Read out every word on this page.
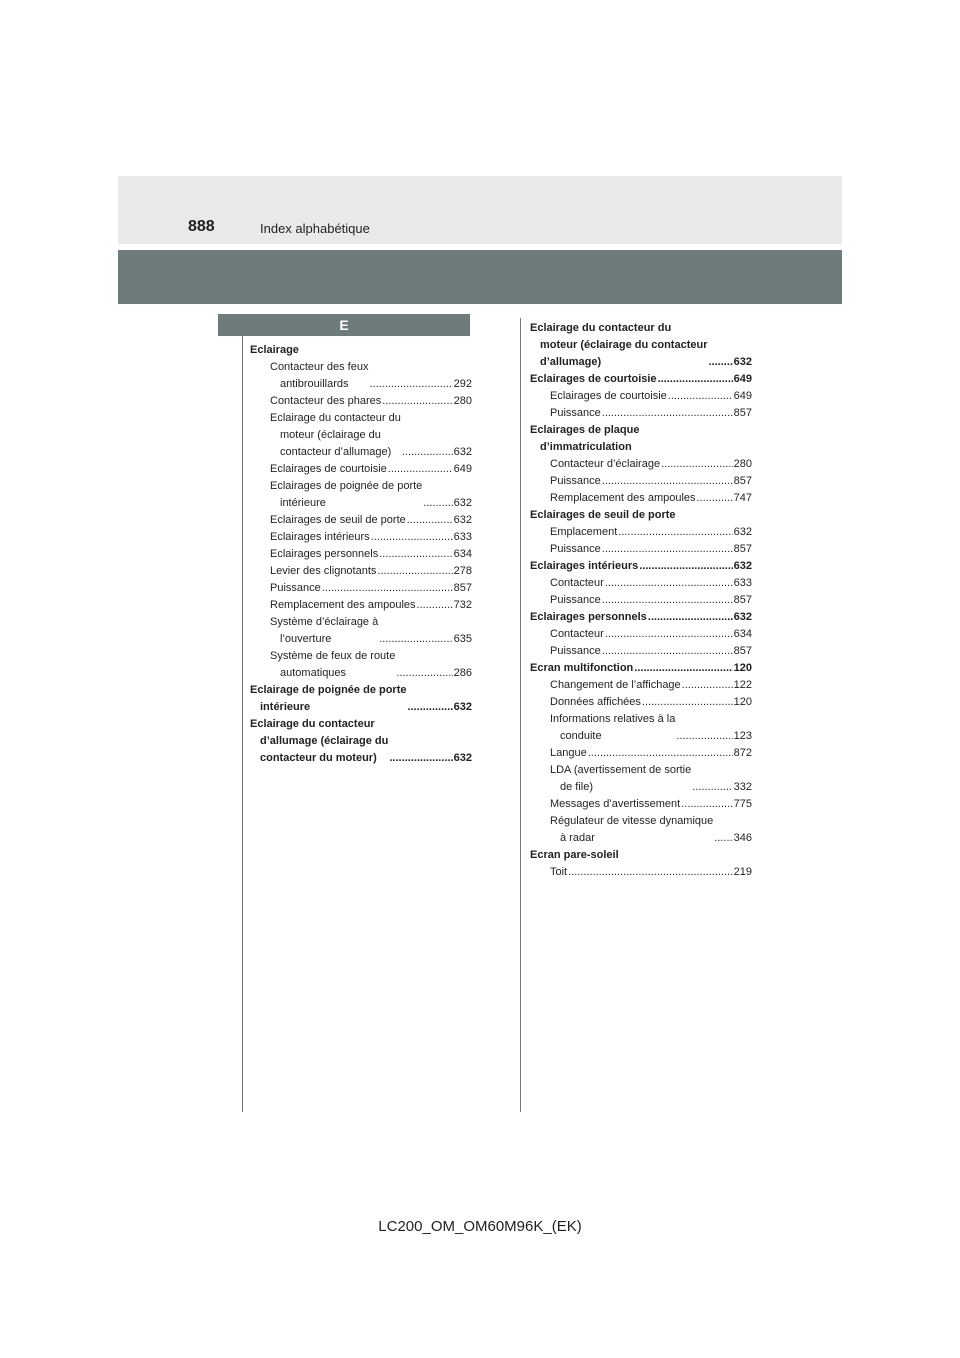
888	Index alphabétique
E
Eclairage
Contacteur des feux
antibrouillards .....	292
Contacteur des phares .....	280
Eclairage du contacteur du
moteur (éclairage du
contacteur d’allumage) .....	632
Eclairages de courtoisie .....	649
Eclairages de poignée de porte
intérieure .....	632
Eclairages de seuil de porte .....	632
Eclairages intérieurs .....	633
Eclairages personnels .....	634
Levier des clignotants .....	278
Puissance .....	857
Remplacement des ampoules .....	732
Système d’éclairage à
l’ouverture .....	635
Système de feux de route
automatiques .....	286
Eclairage de poignée de porte
intérieure .....	632
Eclairage du contacteur
d’allumage (éclairage du
contacteur du moteur) .....	632
Eclairage du contacteur du
moteur (éclairage du contacteur
d’allumage) .....	632
Eclairages de courtoisie .....	649
Eclairages de courtoisie .....	649
Puissance .....	857
Eclairages de plaque
d’immatriculation
Contacteur d’éclairage .....	280
Puissance .....	857
Remplacement des ampoules .....	747
Eclairages de seuil de porte
Emplacement .....	632
Puissance .....	857
Eclairages intérieurs .....	632
Contacteur .....	633
Puissance .....	857
Eclairages personnels .....	632
Contacteur .....	634
Puissance .....	857
Ecran multifonction .....	120
Changement de l’affichage .....	122
Données affichées .....	120
Informations relatives à la
conduite .....	123
Langue .....	872
LDA (avertissement de sortie
de file) .....	332
Messages d’avertissement .....	775
Régulateur de vitesse dynamique
à radar .....	346
Ecran pare-soleil
Toit .....	219
LC200_OM_OM60M96K_(EK)
